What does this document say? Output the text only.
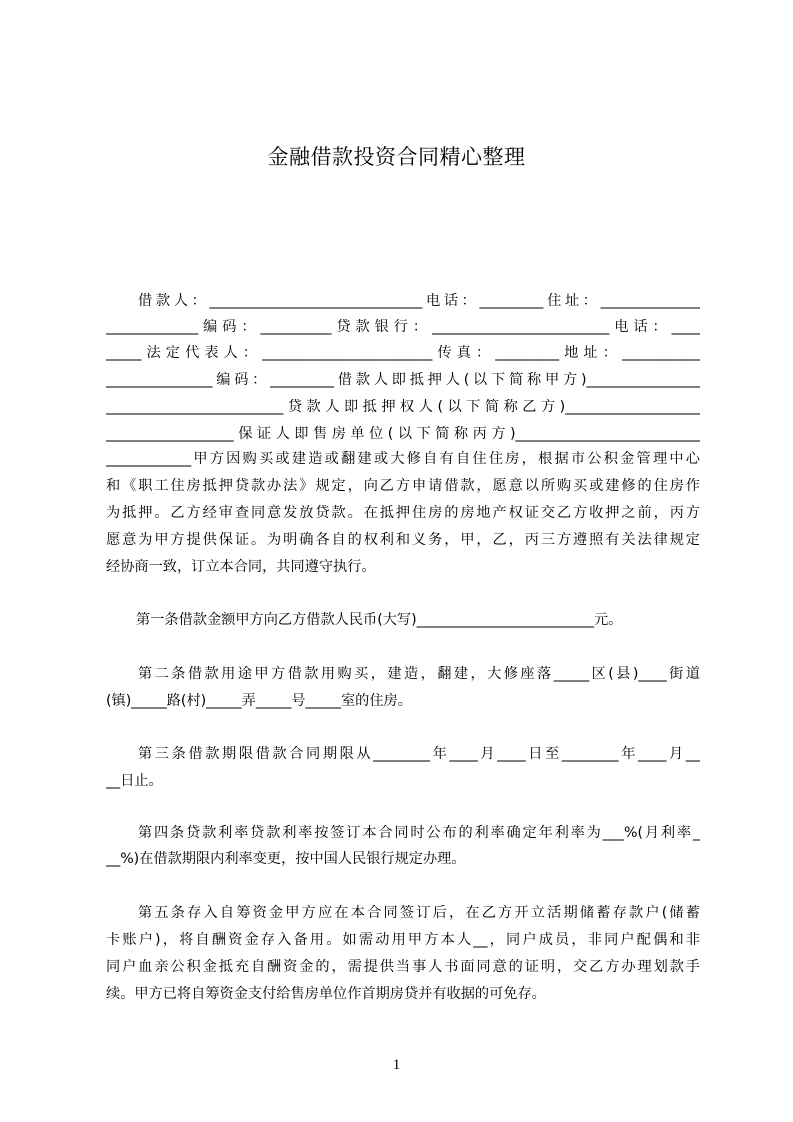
金融借款投资合同精心整理
借款人：______________________________电话：_________住址：______________
_____________编码：__________贷款银行：_________________________电话：____
_____法定代表人：________________________传真：_________地址：___________
_______________编码：_________借款人即抵押人(以下简称甲方)________________
_________________________贷款人即抵押权人(以下简称乙方)___________________
__________________保证人即售房单位(以下简称丙方)__________________________
____________甲方因购买或建造或翻建或大修自有自住住房，根据市公积金管理中心
和《职工住房抵押贷款办法》规定，向乙方申请借款，愿意以所购买或建修的住房作
为抵押。乙方经审查同意发放贷款。在抵押住房的房地产权证交乙方收押之前，丙方
愿意为甲方提供保证。为明确各自的权利和义务，甲，乙，丙三方遵照有关法律规定
经协商一致，订立本合同，共同遵守执行。
第一条借款金额甲方向乙方借款人民币(大写)_________________________元。
第二条借款用途甲方借款用购买，建造，翻建，大修座落_____区(县)____街道
(镇)_____路(村)_____弄_____号_____室的住房。
第三条借款期限借款合同期限从________年____月____日至________年____月__
__日止。
第四条贷款利率贷款利率按签订本合同时公布的利率确定年利率为___%(月利率_
__%)在借款期限内利率变更，按中国人民银行规定办理。
第五条存入自筹资金甲方应在本合同签订后，在乙方开立活期储蓄存款户(储蓄
卡账户)，将自酬资金存入备用。如需动用甲方本人__，同户成员，非同户配偶和非
同户血亲公积金抵充自酬资金的，需提供当事人书面同意的证明，交乙方办理划款手
续。甲方已将自筹资金支付给售房单位作首期房贷并有收据的可免存。
1
